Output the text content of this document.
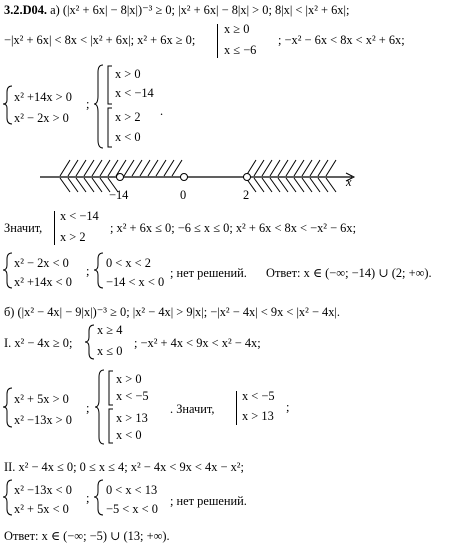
3.2.D04. а) (|x² + 6x| − 8|x|)⁻³ ≥ 0; |x² + 6x| − 8|x| > 0; 8|x| < |x² + 6x|;
−|x² + 6x| < 8x < |x² + 6x|; x² + 6x ≥ 0;
x ≥ 0
x ≤ −6
; −x² − 6x < 8x < x² + 6x;
x² +14x > 0
x² − 2x > 0
;
x > 0
x < −14
x > 2
x < 0
.
x
−14	0	2
Значит,
x < −14
x > 2
; x² + 6x ≤ 0; −6 ≤ x ≤ 0; x² + 6x < 8x < −x² − 6x;
x² − 2x < 0
x² +14x < 0
;
0 < x < 2
−14 < x < 0
; нет решений. Ответ: x ∈ (−∞; −14) ∪ (2; +∞).
б) (|x² − 4x| − 9|x|)⁻³ ≥ 0; |x² − 4x| > 9|x|; −|x² − 4x| < 9x < |x² − 4x|.
I. x² − 4x ≥ 0;
x ≥ 4
x ≤ 0
; −x² + 4x < 9x < x² − 4x;
x² + 5x > 0
x² −13x > 0
;
x > 0
x < −5
x > 13
x < 0
. Значит,
x < −5
x > 13
;
II. x² − 4x ≤ 0; 0 ≤ x ≤ 4; x² − 4x < 9x < 4x − x²;
x² −13x < 0
x² + 5x < 0
;
0 < x < 13
−5 < x < 0
; нет решений.
Ответ: x ∈ (−∞; −5) ∪ (13; +∞).
